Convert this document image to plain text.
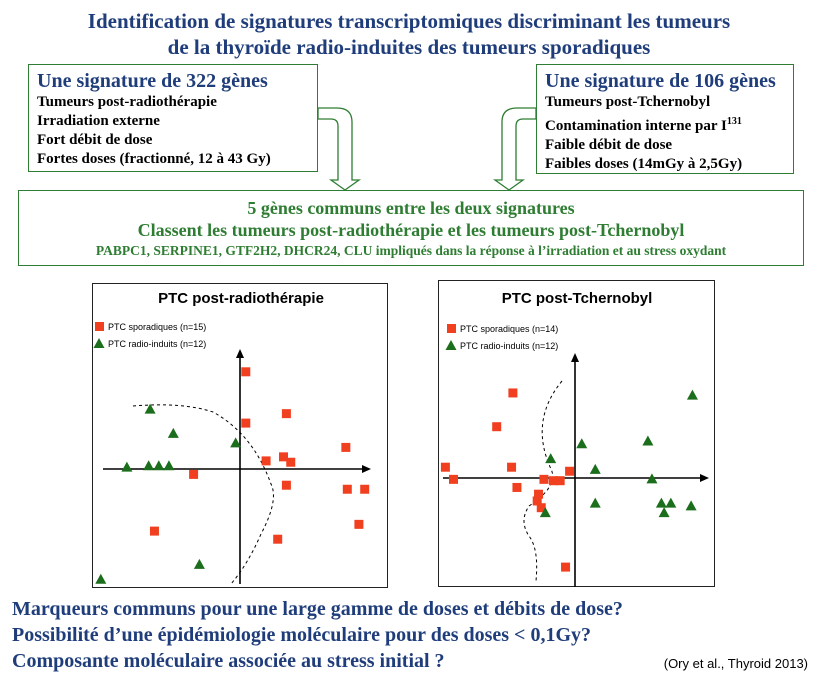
Identification de signatures transcriptomiques discriminant les tumeurs
de la thyroïde radio-induites des tumeurs sporadiques
Une signature de 322 gènes
Tumeurs post-radiothérapie
Irradiation externe
Fort débit de dose
Fortes doses (fractionné, 12 à 43 Gy)
Une signature de 106 gènes
Tumeurs post-Tchernobyl
Contamination interne par $I^{131}$
Faible débit de dose
Faibles doses (14mGy à 2,5Gy)
5 gènes communs entre les deux signatures
Classent les tumeurs post-radiothérapie et les tumeurs post-Tchernobyl
PABPC1, SERPINE1, GTF2H2, DHCR24, CLU impliqués dans la réponse à l’irradiation et au stress oxydant
PTC post-radiothérapie
PTC sporadiques (n=15)
PTC radio-induits (n=12)
PTC post-Tchernobyl
PTC sporadiques (n=14)
PTC radio-induits (n=12)
Marqueurs communs pour une large gamme de doses et débits de dose?
Possibilité d’une épidémiologie moléculaire pour des doses < 0,1Gy?
Composante moléculaire associée au stress initial ?	(Ory et al., Thyroid 2013)
